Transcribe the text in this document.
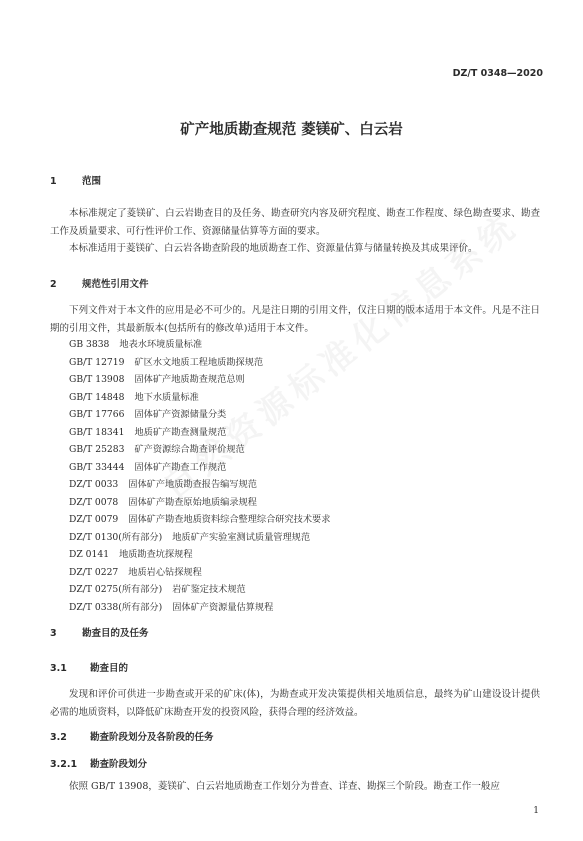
DZ/T 0348—2020
矿产地质勘查规范 菱镁矿、白云岩
1	范围

本标准规定了菱镁矿、白云岩勘查目的及任务、勘查研究内容及研究程度、勘查工作程度、绿色勘查要求、勘查工作及质量要求、可行性评价工作、资源储量估算等方面的要求。

本标准适用于菱镁矿、白云岩各勘查阶段的地质勘查工作、资源量估算与储量转换及其成果评价。

2	规范性引用文件

下列文件对于本文件的应用是必不可少的。凡是注日期的引用文件，仅注日期的版本适用于本文件。凡是不注日期的引用文件，其最新版本(包括所有的修改单)适用于本文件。

GB 3838 地表水环境质量标准
GB/T 12719 矿区水文地质工程地质勘探规范
GB/T 13908 固体矿产地质勘查规范总则
GB/T 14848 地下水质量标准
GB/T 17766 固体矿产资源储量分类
GB/T 18341 地质矿产勘查测量规范
GB/T 25283 矿产资源综合勘查评价规范
GB/T 33444 固体矿产勘查工作规范
DZ/T 0033 固体矿产地质勘查报告编写规范
DZ/T 0078 固体矿产勘查原始地质编录规程
DZ/T 0079 固体矿产勘查地质资料综合整理综合研究技术要求
DZ/T 0130(所有部分) 地质矿产实验室测试质量管理规范
DZ 0141 地质勘查坑探规程
DZ/T 0227 地质岩心钻探规程
DZ/T 0275(所有部分) 岩矿鉴定技术规范
DZ/T 0338(所有部分) 固体矿产资源量估算规程
3	勘查目的及任务
3.1 勘查目的

发现和评价可供进一步勘查或开采的矿床(体)，为勘查或开发决策提供相关地质信息，最终为矿山建设设计提供必需的地质资料，以降低矿床勘查开发的投资风险，获得合理的经济效益。

3.2 勘查阶段划分及各阶段的任务
3.2.1 勘查阶段划分

依照 GB/T 13908，菱镁矿、白云岩地质勘查工作划分为普查、详查、勘探三个阶段。勘查工作一般应

1
